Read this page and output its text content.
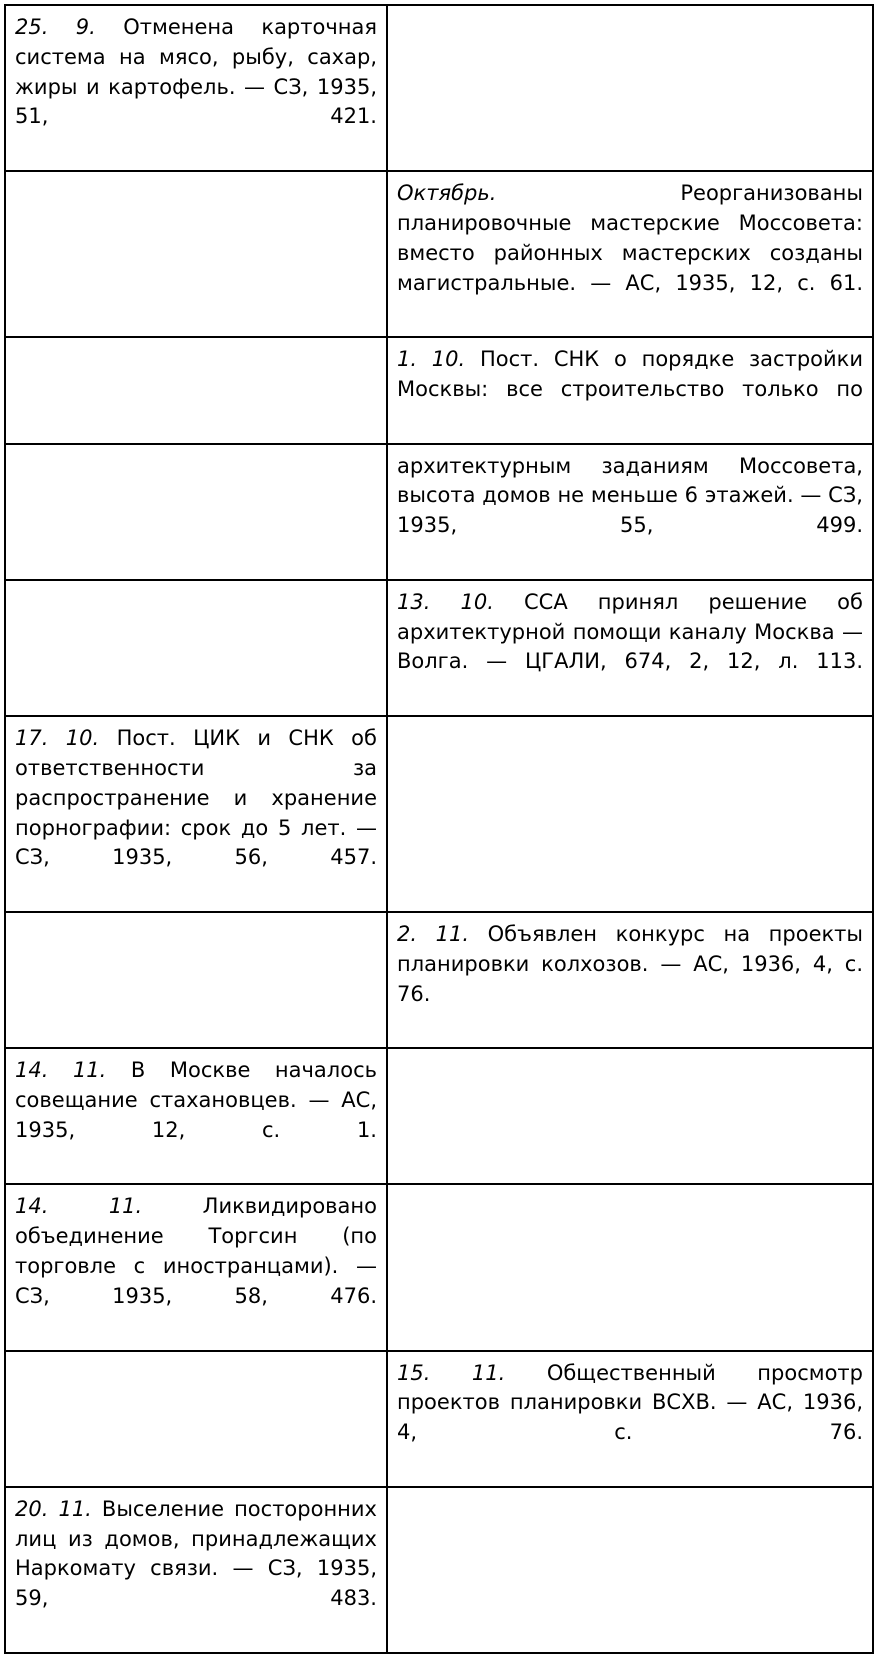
25. 9. Отменена карточная система на мясо, рыбу, сахар, жиры и картофель. — СЗ, 1935, 51, 421.	

	Октябрь. Реорганизованы планировочные мастерские Моссовета: вместо районных мастерских созданы магистральные. — АС, 1935, 12, с. 61.

	1. 10. Пост. СНК о порядке застройки Москвы: все строительство только по

	архитектурным заданиям Моссовета, высота домов не меньше 6 этажей. — СЗ, 1935, 55, 499.

	13. 10. ССА принял решение об архитектурной помощи каналу Москва — Волга. — ЦГАЛИ, 674, 2, 12, л. 113.

17. 10. Пост. ЦИК и СНК об ответственности за распространение и хранение порнографии: срок до 5 лет. — СЗ, 1935, 56, 457.	

	2. 11. Объявлен конкурс на проекты планировки колхозов. — АС, 1936, 4, с. 76.

14. 11. В Москве началось совещание стахановцев. — АС, 1935, 12, с. 1.	

14. 11. Ликвидировано объединение Торгсин (по торговле с иностранцами). — СЗ, 1935, 58, 476.	

	15. 11. Общественный просмотр проектов планировки ВСХВ. — АС, 1936, 4, с. 76.

20. 11. Выселение посторонних лиц из домов, принадлежащих Наркомату связи. — СЗ, 1935, 59, 483.	
